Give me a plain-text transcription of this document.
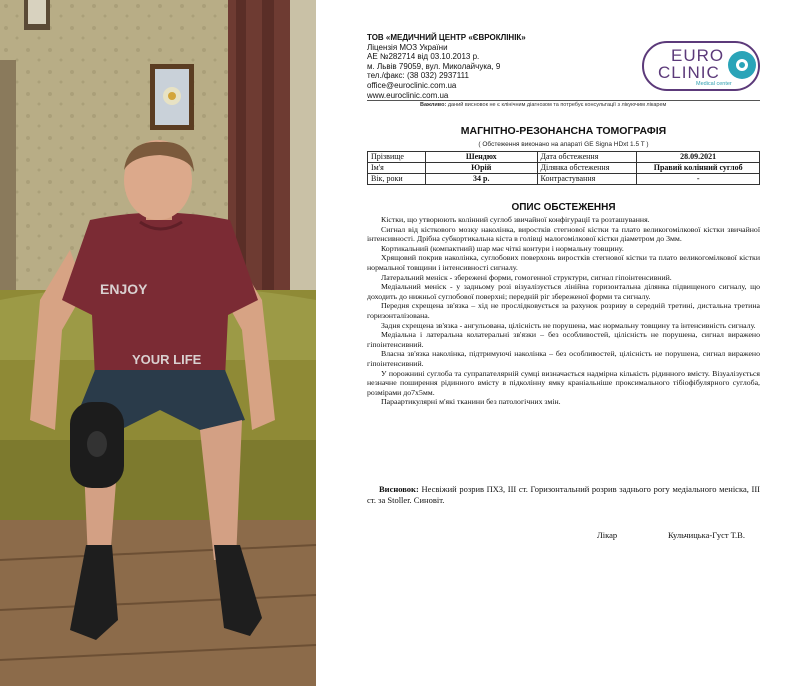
ENJOY
YOUR LIFE
ТОВ «МЕДИЧНИЙ ЦЕНТР «ЄВРОКЛІНІК»
Ліцензія МОЗ України
АЕ №282714 від 03.10.2013 р.
м. Львів 79059, вул. Миколайчука, 9
тел./факс: (38 032) 2937111
office@euroclinic.com.ua
www.euroclinic.com.ua
EURO
CLINIC
Medical center
Важливо: даний висновок не є клінічним діагнозом та потребує консультації з лікуючим лікарем
МАГНІТНО-РЕЗОНАНСНА ТОМОГРАФІЯ
( Обстеження виконано на апараті GE Signa HDxt 1.5 T )
Прізвище	Шендюх	Дата обстеження	28.09.2021
Ім'я	Юрій	Ділянка обстеження	Правий колінний суглоб
Вік, роки	34 р.	Контрастування	-
ОПИС ОБСТЕЖЕННЯ

Кістки, що утворюють колінний суглоб звичайної конфігурації та розташування.

Сигнал від кісткового мозку наколінка, виростків стегнової кістки та плато великогомілкової кістки звичайної інтенсивності. Дрібна субкортикальна кіста в голівці малогомілкової кістки діаметром до 3мм.

Кортикальний (компактний) шар має чіткі контури і нормальну товщину.

Хрящовий покрив наколінка, суглобових поверхонь виростків стегнової кістки та плато великогомілкової кістки нормальної товщини і інтенсивності сигналу.

Латеральний меніск - збережені форми, гомогенної структури, сигнал гіпоінтенсивний.

Медіальний меніск - у задньому розі візуалізується лінійна горизонтальна ділянка підвищеного сигналу, що доходить до нижньої суглобової поверхні; передній ріг збереженої форми та сигналу.

Передня схрещена зв'язка – хід не прослідковується за рахунок розриву в середній третині, дистальна третина горизонталізована.

Задня схрещена зв'язка - ангульована, цілісність не порушена, має нормальну товщину та інтенсивність сигналу.

Медіальна і латеральна колатеральні зв'язки – без особливостей, цілісність не порушена, сигнал виражено гіпоінтенсивний.

Власна зв'язка наколінка, підтримуючі наколінка – без особливостей, цілісність не порушена, сигнал виражено гіпоінтенсивний.

У порожнині суглоба та супрапателярній сумці визначається надмірна кількість рідинного вмісту. Візуалізується незначне поширення рідинного вмісту в підколінну ямку краніальніше проксимального тібіофібулярного суглоба, розмірами до7х5мм.

Параартикулярні м'які тканини без патологічних змін.

Висновок: Несвіжий розрив ПХЗ, ІІІ ст. Горизонтальний розрив заднього рогу медіального меніска, ІІІ ст. за Stoller. Синовіт.
Лікар	Кульчицька-Густ Т.В.
